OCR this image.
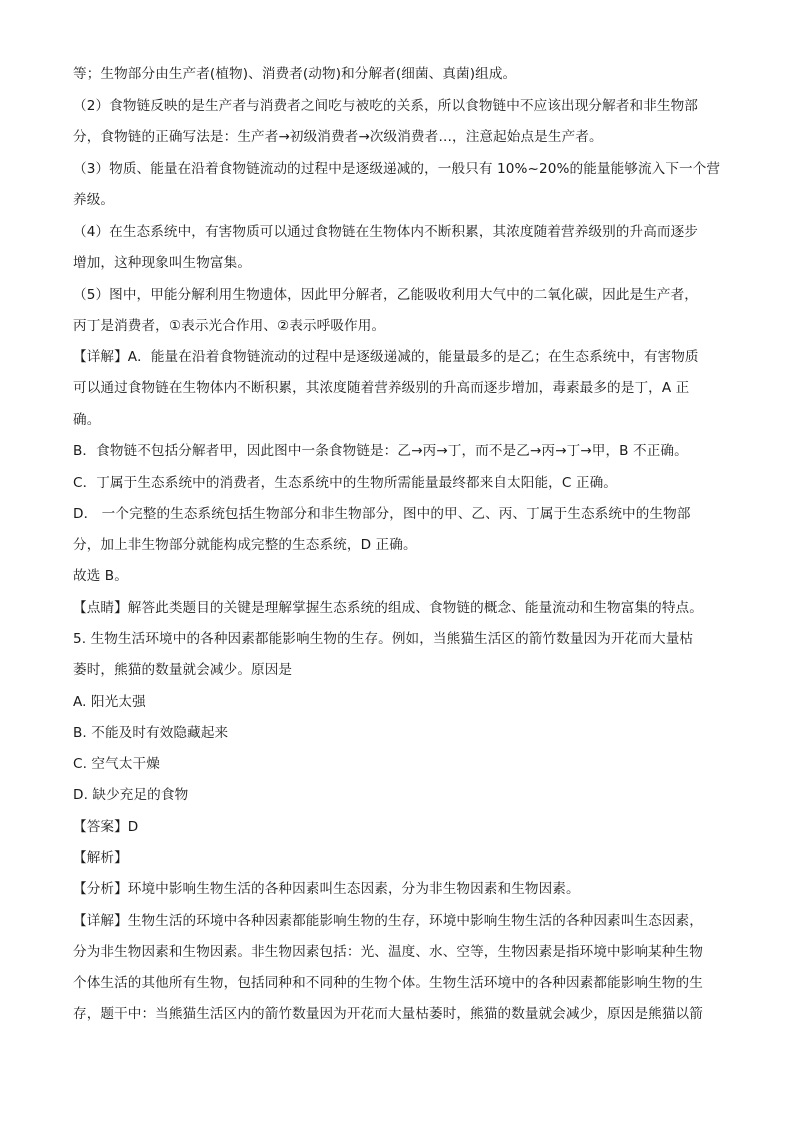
等；生物部分由生产者(植物)、消费者(动物)和分解者(细菌、真菌)组成。
（2）食物链反映的是生产者与消费者之间吃与被吃的关系，所以食物链中不应该出现分解者和非生物部
分，食物链的正确写法是：生产者→初级消费者→次级消费者…，注意起始点是生产者。
（3）物质、能量在沿着食物链流动的过程中是逐级递减的，一般只有 10%~20%的能量能够流入下一个营
养级。
（4）在生态系统中，有害物质可以通过食物链在生物体内不断积累，其浓度随着营养级别的升高而逐步
增加，这种现象叫生物富集。
（5）图中，甲能分解利用生物遗体，因此甲分解者，乙能吸收利用大气中的二氧化碳，因此是生产者，
丙丁是消费者，①表示光合作用、②表示呼吸作用。
【详解】A．能量在沿着食物链流动的过程中是逐级递减的，能量最多的是乙；在生态系统中，有害物质
可以通过食物链在生物体内不断积累，其浓度随着营养级别的升高而逐步增加，毒素最多的是丁，A 正
确。
B．食物链不包括分解者甲，因此图中一条食物链是：乙→丙→丁，而不是乙→丙→丁→甲，B 不正确。
C．丁属于生态系统中的消费者，生态系统中的生物所需能量最终都来自太阳能，C 正确。
D． 一个完整的生态系统包括生物部分和非生物部分，图中的甲、乙、丙、丁属于生态系统中的生物部
分，加上非生物部分就能构成完整的生态系统，D 正确。
故选 B。
【点睛】解答此类题目的关键是理解掌握生态系统的组成、食物链的概念、能量流动和生物富集的特点。
5. 生物生活环境中的各种因素都能影响生物的生存。例如，当熊猫生活区的箭竹数量因为开花而大量枯
萎时，熊猫的数量就会减少。原因是
A. 阳光太强
B. 不能及时有效隐藏起来
C. 空气太干燥
D. 缺少充足的食物
【答案】D
【解析】
【分析】环境中影响生物生活的各种因素叫生态因素，分为非生物因素和生物因素。
【详解】生物生活的环境中各种因素都能影响生物的生存，环境中影响生物生活的各种因素叫生态因素，
分为非生物因素和生物因素。非生物因素包括：光、温度、水、空等，生物因素是指环境中影响某种生物
个体生活的其他所有生物，包括同种和不同种的生物个体。生物生活环境中的各种因素都能影响生物的生
存，题干中：当熊猫生活区内的箭竹数量因为开花而大量枯萎时，熊猫的数量就会减少，原因是熊猫以箭
